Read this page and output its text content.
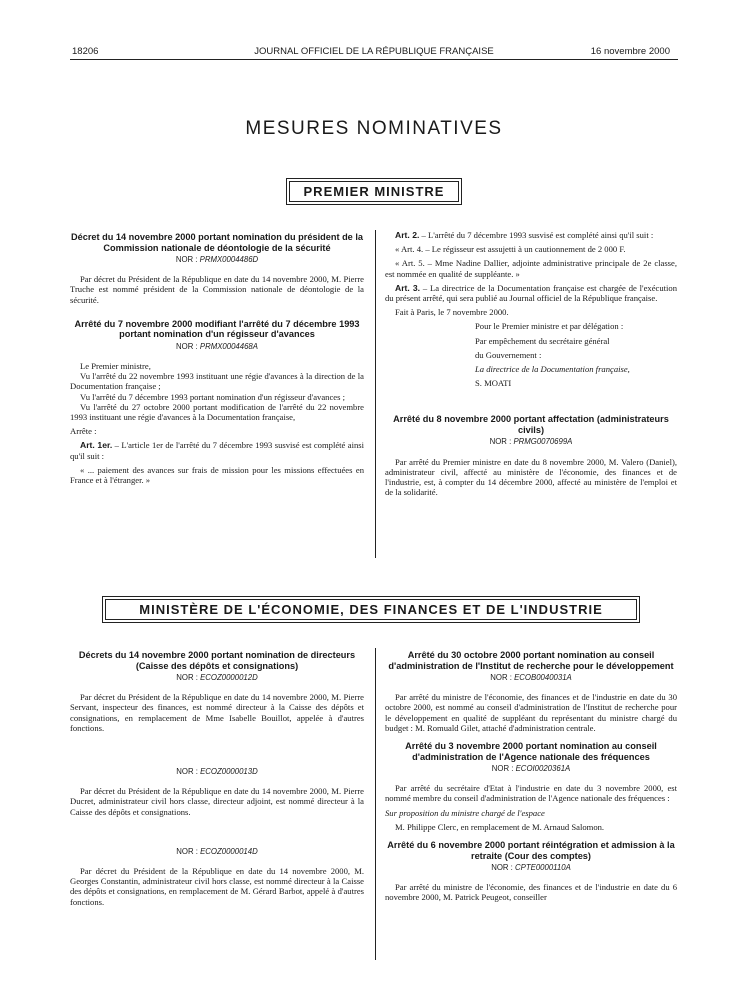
18206	JOURNAL OFFICIEL DE LA RÉPUBLIQUE FRANÇAISE	16 novembre 2000
MESURES NOMINATIVES
PREMIER MINISTRE
Décret du 14 novembre 2000 portant nomination du président de la Commission nationale de déontologie de la sécurité
NOR : PRMX0004486D

Par décret du Président de la République en date du 14 novembre 2000, M. Pierre Truche est nommé président de la Commission nationale de déontologie de la sécurité.

Arrêté du 7 novembre 2000 modifiant l'arrêté du 7 décembre 1993 portant nomination d'un régisseur d'avances
NOR : PRMX0004468A

Le Premier ministre,

Vu l'arrêté du 22 novembre 1993 instituant une régie d'avances à la direction de la Documentation française ;

Vu l'arrêté du 7 décembre 1993 portant nomination d'un régisseur d'avances ;

Vu l'arrêté du 27 octobre 2000 portant modification de l'arrêté du 22 novembre 1993 instituant une régie d'avances à la Documentation française,

Arrête :

Art. 1er. – L'article 1er de l'arrêté du 7 décembre 1993 susvisé est complété ainsi qu'il suit :

« ... paiement des avances sur frais de mission pour les missions effectuées en France et à l'étranger. »

Art. 2. – L'arrêté du 7 décembre 1993 susvisé est complété ainsi qu'il suit :

« Art. 4. – Le régisseur est assujetti à un cautionnement de 2 000 F.

« Art. 5. – Mme Nadine Dallier, adjointe administrative principale de 2e classe, est nommée en qualité de suppléante. »

Art. 3. – La directrice de la Documentation française est chargée de l'exécution du présent arrêté, qui sera publié au Journal officiel de la République française.

Fait à Paris, le 7 novembre 2000.

Pour le Premier ministre et par délégation :

Par empêchement du secrétaire général

du Gouvernement :

La directrice de la Documentation française,

S. MOATI

Arrêté du 8 novembre 2000 portant affectation (administrateurs civils)
NOR : PRMG0070699A

Par arrêté du Premier ministre en date du 8 novembre 2000, M. Valero (Daniel), administrateur civil, affecté au ministère de l'économie, des finances et de l'industrie, est, à compter du 14 décembre 2000, affecté au ministère de l'emploi et de la solidarité.

MINISTÈRE DE L'ÉCONOMIE, DES FINANCES ET DE L'INDUSTRIE
Décrets du 14 novembre 2000 portant nomination de directeurs (Caisse des dépôts et consignations)
NOR : ECOZ0000012D

Par décret du Président de la République en date du 14 novembre 2000, M. Pierre Servant, inspecteur des finances, est nommé directeur à la Caisse des dépôts et consignations, en remplacement de Mme Isabelle Bouillot, appelée à d'autres fonctions.

NOR : ECOZ0000013D

Par décret du Président de la République en date du 14 novembre 2000, M. Pierre Ducret, administrateur civil hors classe, directeur adjoint, est nommé directeur à la Caisse des dépôts et consignations.

NOR : ECOZ0000014D

Par décret du Président de la République en date du 14 novembre 2000, M. Georges Constantin, administrateur civil hors classe, est nommé directeur à la Caisse des dépôts et consignations, en remplacement de M. Gérard Barbot, appelé à d'autres fonctions.

Arrêté du 30 octobre 2000 portant nomination au conseil d'administration de l'Institut de recherche pour le développement
NOR : ECOB0040031A

Par arrêté du ministre de l'économie, des finances et de l'industrie en date du 30 octobre 2000, est nommé au conseil d'administration de l'Institut de recherche pour le développement en qualité de suppléant du représentant du ministre chargé du budget : M. Romuald Gilet, attaché d'administration centrale.

Arrêté du 3 novembre 2000 portant nomination au conseil d'administration de l'Agence nationale des fréquences
NOR : ECOI0020361A

Par arrêté du secrétaire d'Etat à l'industrie en date du 3 novembre 2000, est nommé membre du conseil d'administration de l'Agence nationale des fréquences :

Sur proposition du ministre chargé de l'espace

M. Philippe Clerc, en remplacement de M. Arnaud Salomon.

Arrêté du 6 novembre 2000 portant réintégration et admission à la retraite (Cour des comptes)
NOR : CPTE0000110A

Par arrêté du ministre de l'économie, des finances et de l'industrie en date du 6 novembre 2000, M. Patrick Peugeot, conseiller
